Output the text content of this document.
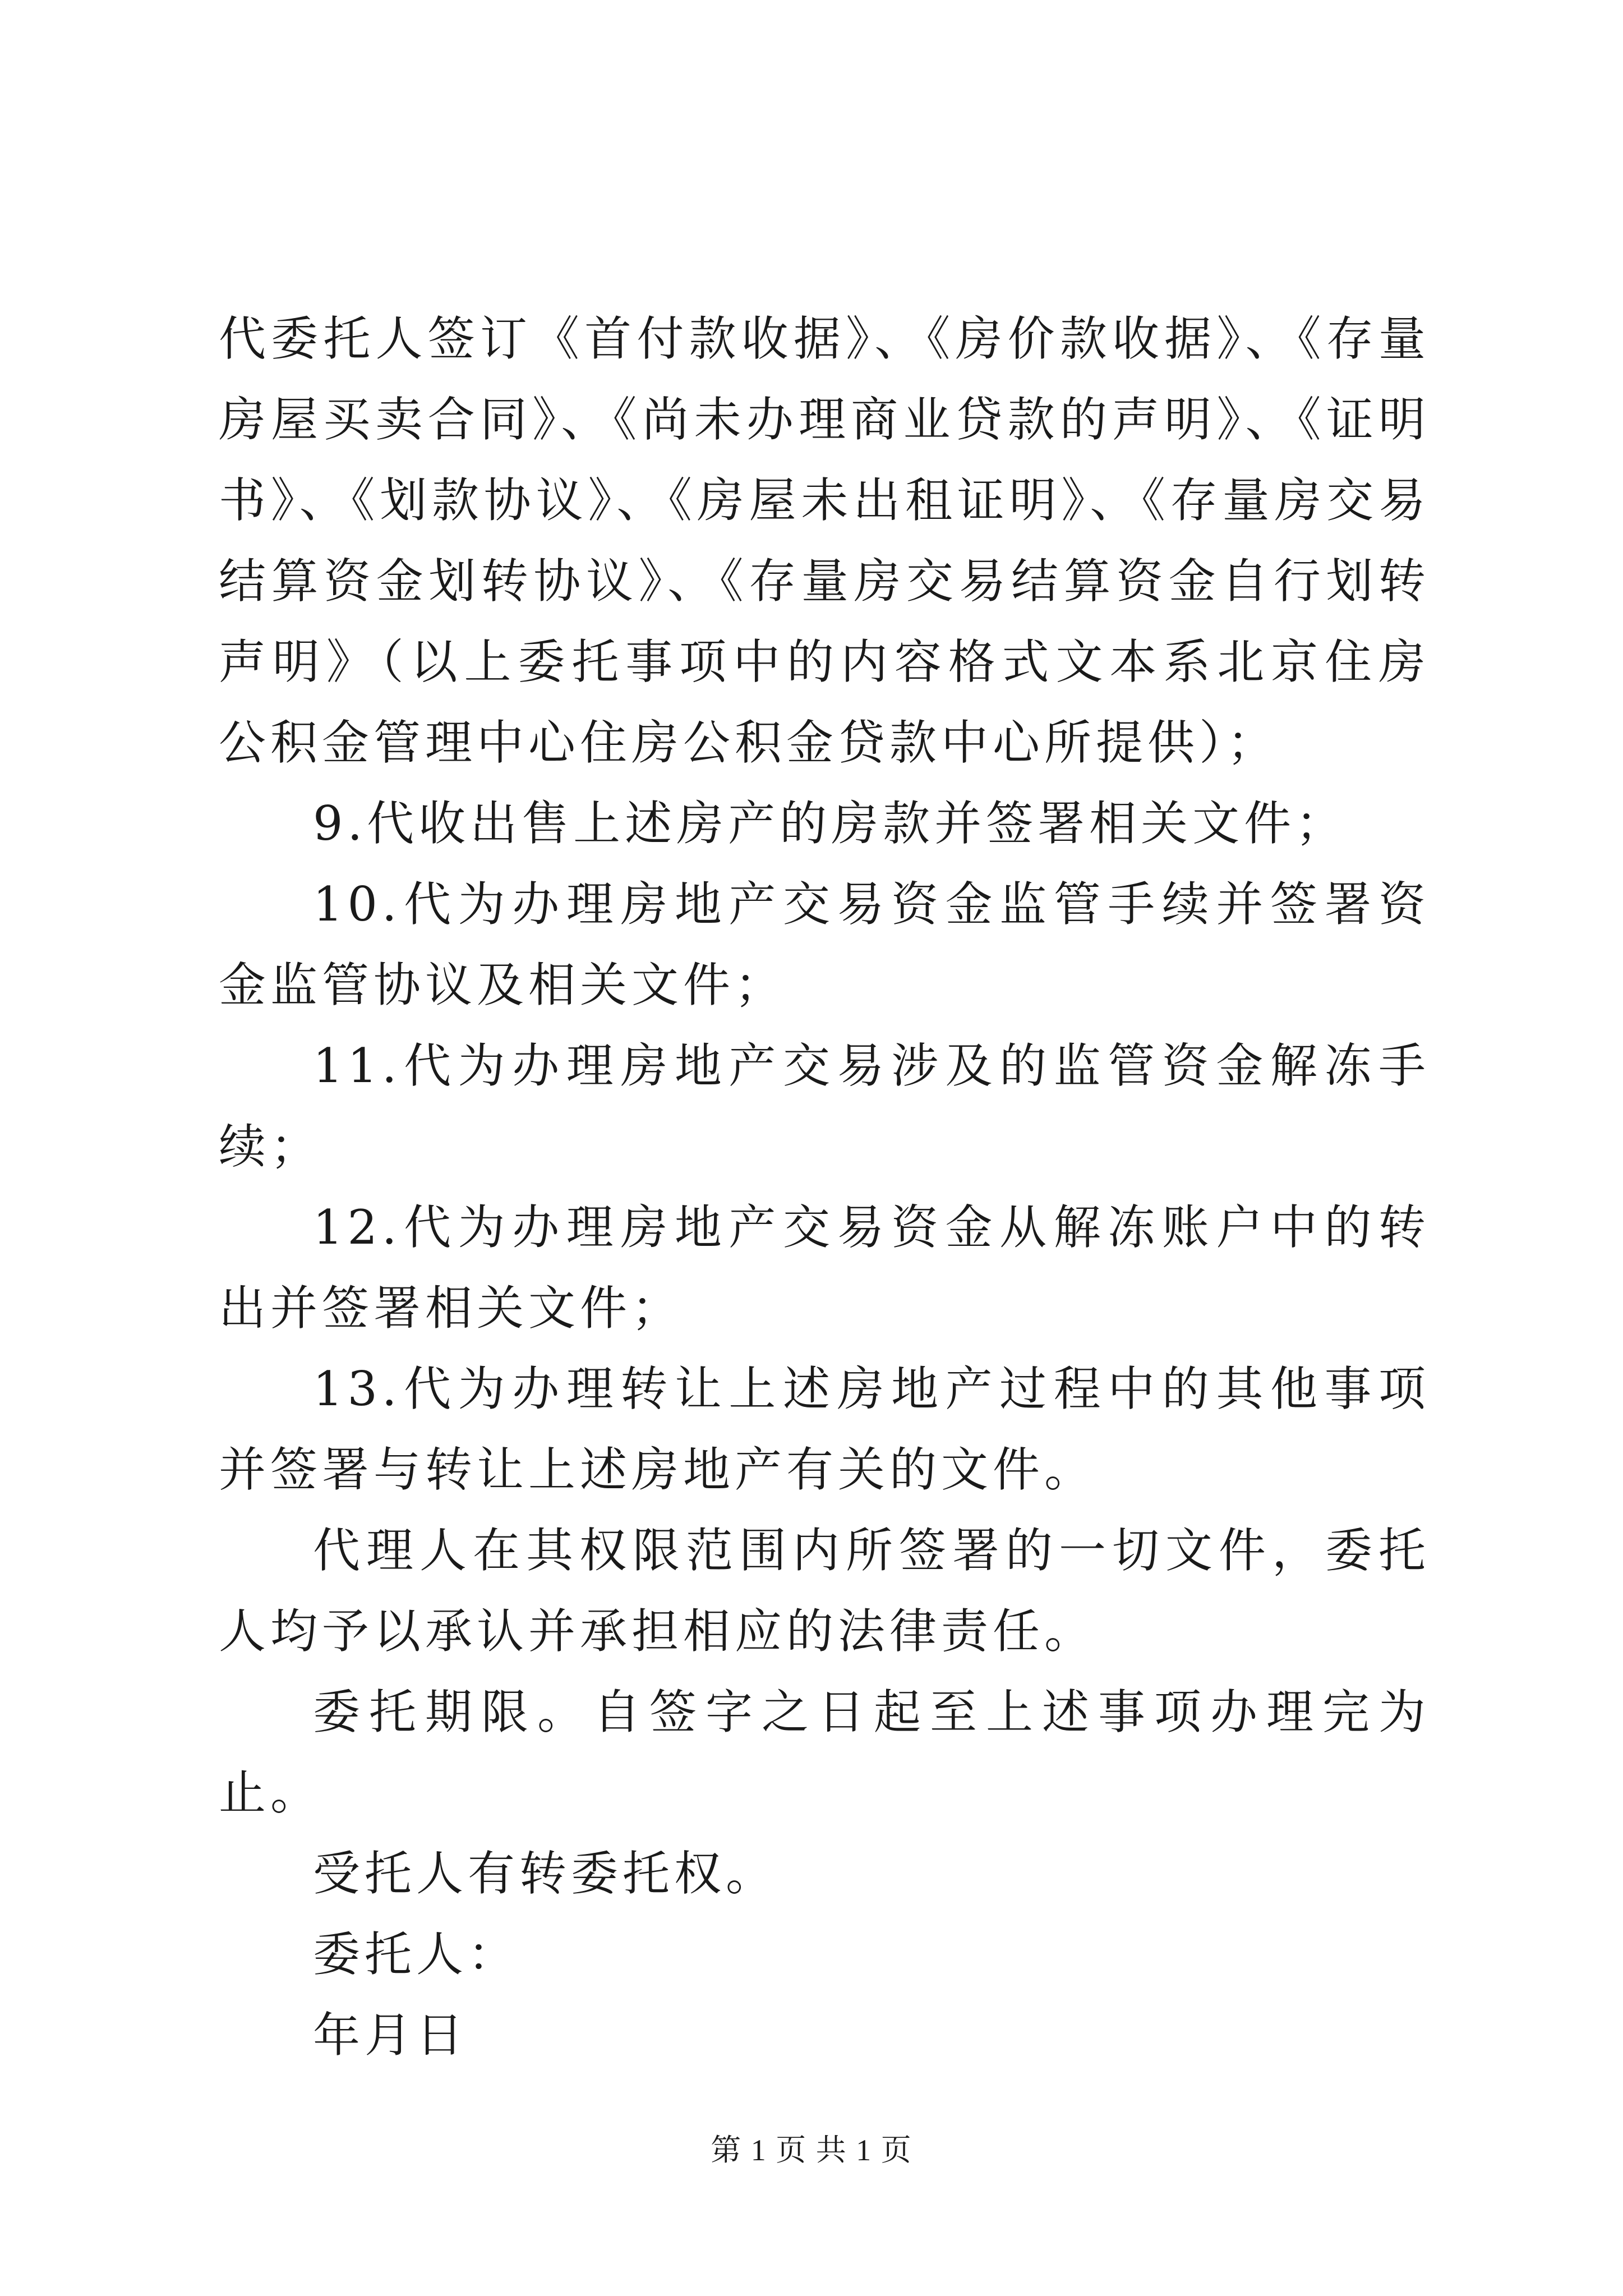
代委托人签订《首付款收据》、《房价款收据》、《存量房屋买卖合同》、《尚未办理商业贷款的声明》、《证明书》、《划款协议》、《房屋未出租证明》、《存量房交易结算资金划转协议》、《存量房交易结算资金自行划转声明》（以上委托事项中的内容格式文本系北京住房公积金管理中心住房公积金贷款中心所提供）；

9.代收出售上述房产的房款并签署相关文件；

10.代为办理房地产交易资金监管手续并签署资金监管协议及相关文件；

11.代为办理房地产交易涉及的监管资金解冻手续；

12.代为办理房地产交易资金从解冻账户中的转出并签署相关文件；

13.代为办理转让上述房地产过程中的其他事项并签署与转让上述房地产有关的文件。

代理人在其权限范围内所签署的一切文件，委托人均予以承认并承担相应的法律责任。

委托期限。自签字之日起至上述事项办理完为止。

受托人有转委托权。

委托人：

年月日

第 1 页 共 1 页
